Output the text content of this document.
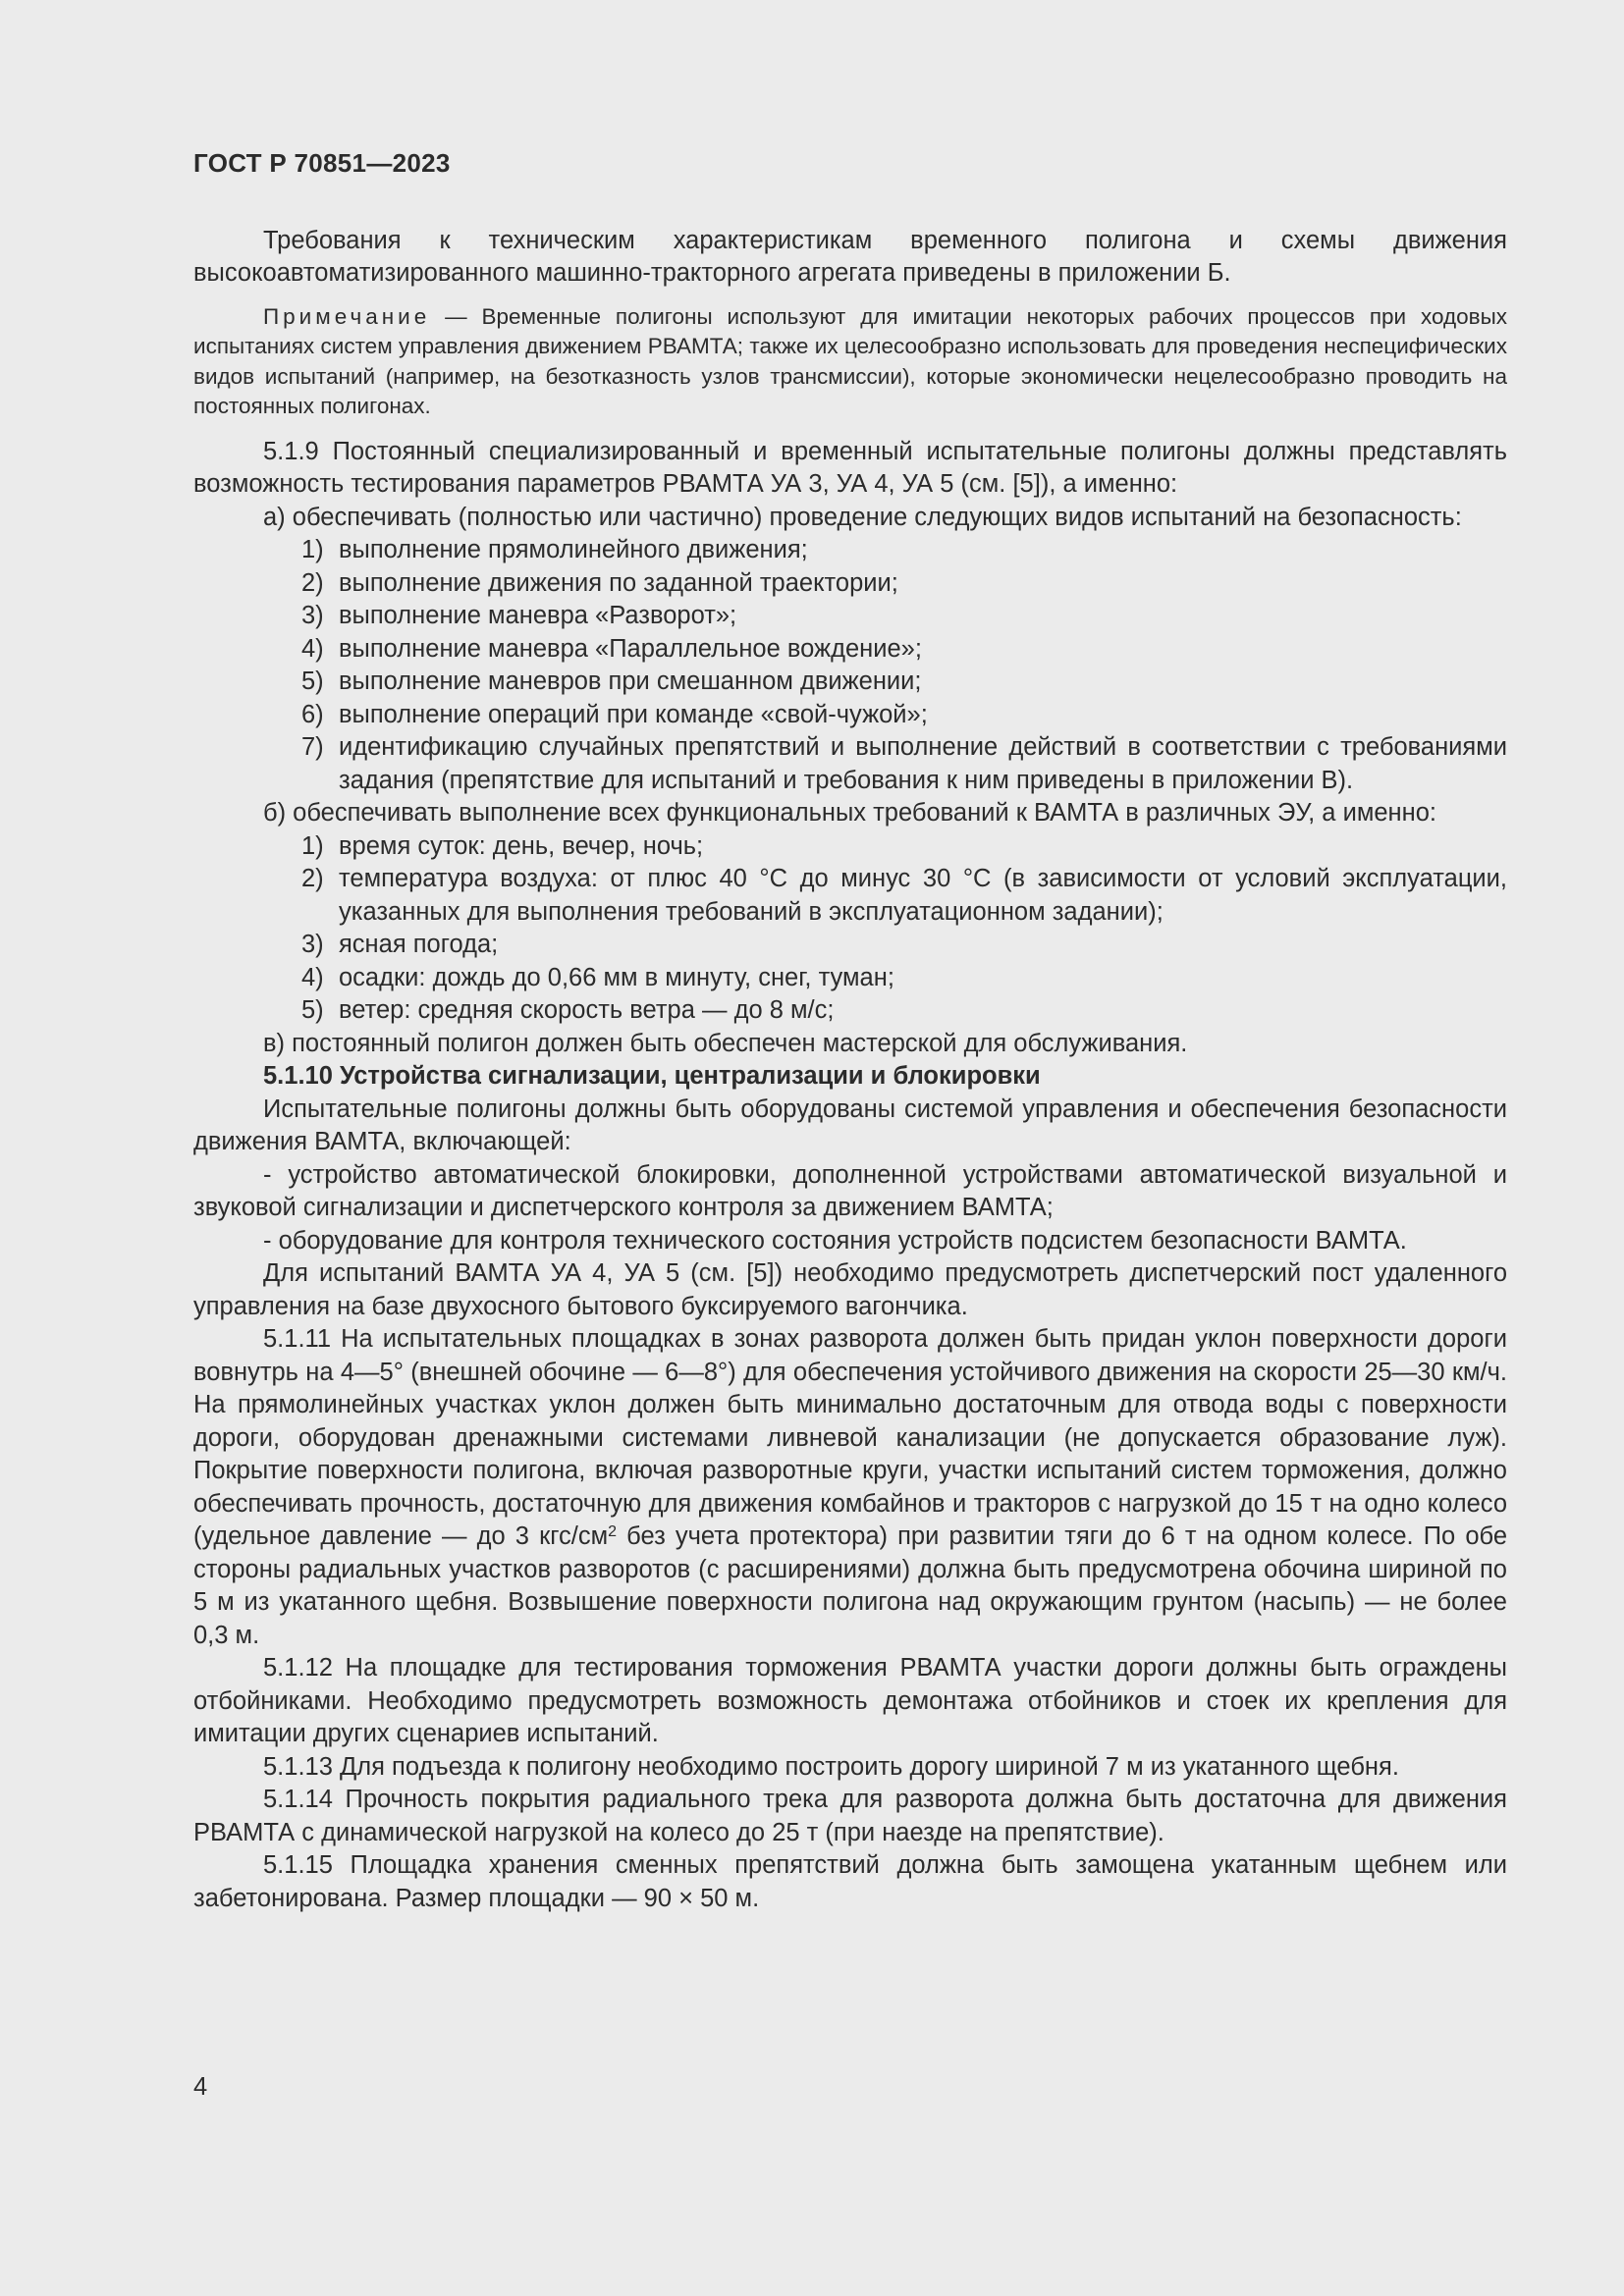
ГОСТ Р 70851—2023

Требования к техническим характеристикам временного полигона и схемы движения высокоавтоматизированного машинно-тракторного агрегата приведены в приложении Б.

Примечание — Временные полигоны используют для имитации некоторых рабочих процессов при ходовых испытаниях систем управления движением РВАМТА; также их целесообразно использовать для проведения неспецифических видов испытаний (например, на безотказность узлов трансмиссии), которые экономически нецелесообразно проводить на постоянных полигонах.

5.1.9 Постоянный специализированный и временный испытательные полигоны должны представлять возможность тестирования параметров РВАМТА УА 3, УА 4, УА 5 (см. [5]), а именно:

а) обеспечивать (полностью или частично) проведение следующих видов испытаний на безопасность:

1) выполнение прямолинейного движения;
2) выполнение движения по заданной траектории;
3) выполнение маневра «Разворот»;
4) выполнение маневра «Параллельное вождение»;
5) выполнение маневров при смешанном движении;
6) выполнение операций при команде «свой-чужой»;
7) идентификацию случайных препятствий и выполнение действий в соответствии с требованиями задания (препятствие для испытаний и требования к ним приведены в приложении В).

б) обеспечивать выполнение всех функциональных требований к ВАМТА в различных ЭУ, а именно:

1) время суток: день, вечер, ночь;
2) температура воздуха: от плюс 40 °С до минус 30 °С (в зависимости от условий эксплуатации, указанных для выполнения требований в эксплуатационном задании);
3) ясная погода;
4) осадки: дождь до 0,66 мм в минуту, снег, туман;
5) ветер: средняя скорость ветра — до 8 м/с;

в) постоянный полигон должен быть обеспечен мастерской для обслуживания.

5.1.10 Устройства сигнализации, централизации и блокировки

Испытательные полигоны должны быть оборудованы системой управления и обеспечения безопасности движения ВАМТА, включающей:

- устройство автоматической блокировки, дополненной устройствами автоматической визуальной и звуковой сигнализации и диспетчерского контроля за движением ВАМТА;

- оборудование для контроля технического состояния устройств подсистем безопасности ВАМТА.

Для испытаний ВАМТА УА 4, УА 5 (см. [5]) необходимо предусмотреть диспетчерский пост удаленного управления на базе двухосного бытового буксируемого вагончика.

5.1.11 На испытательных площадках в зонах разворота должен быть придан уклон поверхности дороги вовнутрь на 4—5° (внешней обочине — 6—8°) для обеспечения устойчивого движения на скорости 25—30 км/ч. На прямолинейных участках уклон должен быть минимально достаточным для отвода воды с поверхности дороги, оборудован дренажными системами ливневой канализации (не допускается образование луж). Покрытие поверхности полигона, включая разворотные круги, участки испытаний систем торможения, должно обеспечивать прочность, достаточную для движения комбайнов и тракторов с нагрузкой до 15 т на одно колесо (удельное давление — до 3 кгс/$см^2$ без учета протектора) при развитии тяги до 6 т на одном колесе. По обе стороны радиальных участков разворотов (с расширениями) должна быть предусмотрена обочина шириной по 5 м из укатанного щебня. Возвышение поверхности полигона над окружающим грунтом (насыпь) — не более 0,3 м.

5.1.12 На площадке для тестирования торможения РВАМТА участки дороги должны быть ограждены отбойниками. Необходимо предусмотреть возможность демонтажа отбойников и стоек их крепления для имитации других сценариев испытаний.

5.1.13 Для подъезда к полигону необходимо построить дорогу шириной 7 м из укатанного щебня.

5.1.14 Прочность покрытия радиального трека для разворота должна быть достаточна для движения РВАМТА с динамической нагрузкой на колесо до 25 т (при наезде на препятствие).

5.1.15 Площадка хранения сменных препятствий должна быть замощена укатанным щебнем или забетонирована. Размер площадки — 90 × 50 м.

4
